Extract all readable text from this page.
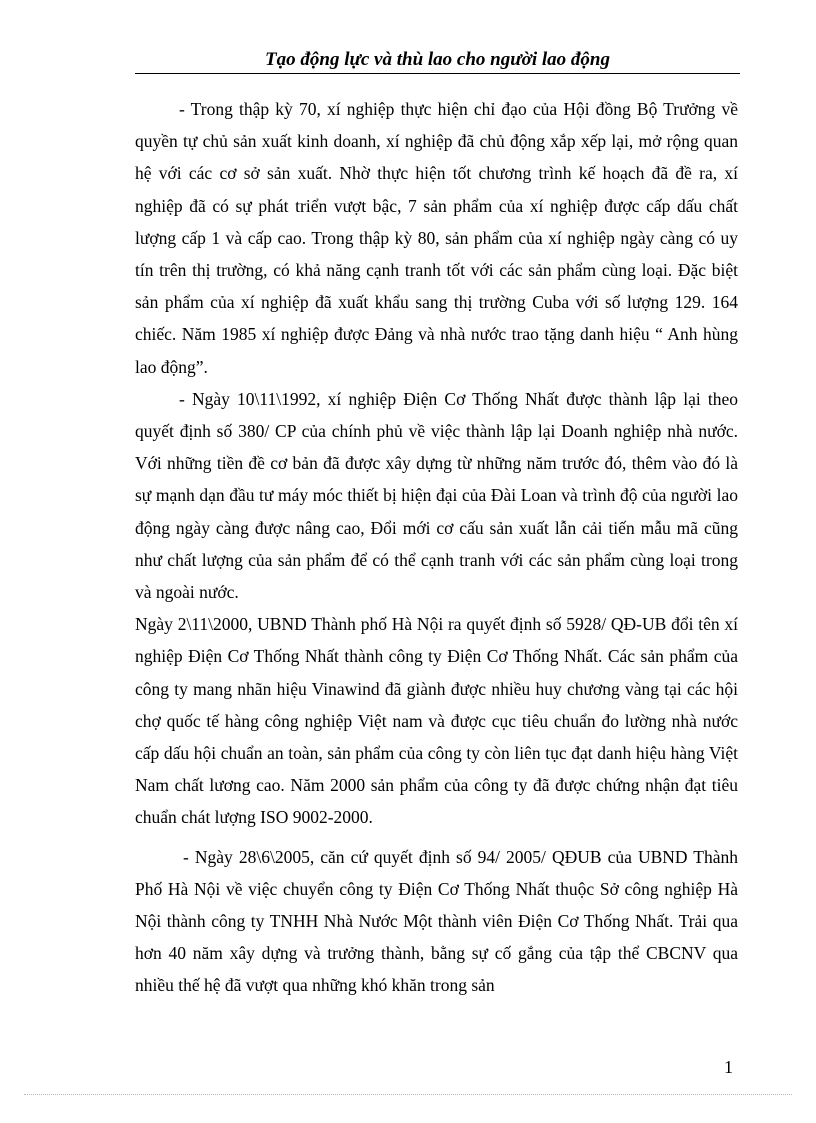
Tạo động lực và thù lao cho người lao động

- Trong thập kỳ 70, xí nghiệp thực hiện chỉ đạo của Hội đồng Bộ Trưởng về quyền tự chủ sản xuất kinh doanh, xí nghiệp đã chủ động xắp xếp lại, mở rộng quan hệ với các cơ sở sản xuất. Nhờ thực hiện tốt chương trình kế hoạch đã đề ra, xí nghiệp đã có sự phát triển vượt bậc, 7 sản phẩm của xí nghiệp được cấp dấu chất lượng cấp 1 và cấp cao. Trong thập kỳ 80, sản phẩm của xí nghiệp ngày càng có uy tín trên thị trường, có khả năng cạnh tranh tốt với các sản phẩm cùng loại. Đặc biệt sản phẩm của xí nghiệp đã xuất khẩu sang thị trường Cuba với số lượng 129. 164 chiếc. Năm 1985 xí nghiệp được Đảng và nhà nước trao tặng danh hiệu “ Anh hùng lao động”.

- Ngày 10\11\1992, xí nghiệp Điện Cơ Thống Nhất được thành lập lại theo quyết định số 380/ CP của chính phủ về việc thành lập lại Doanh nghiệp nhà nước. Với những tiền đề cơ bản đã được xây dựng từ những năm trước đó, thêm vào đó là sự mạnh dạn đầu tư máy móc thiết bị hiện đại của Đài Loan và trình độ của người lao động ngày càng được nâng cao, Đổi mới cơ cấu sản xuất lẫn cải tiến mẫu mã cũng như chất lượng của sản phẩm để có thể cạnh tranh với các sản phẩm cùng loại trong và ngoài nước.

Ngày 2\11\2000, UBND Thành phố Hà Nội ra quyết định số 5928/ QĐ-UB đổi tên xí nghiệp Điện Cơ Thống Nhất thành công ty Điện Cơ Thống Nhất. Các sản phẩm của công ty mang nhãn hiệu Vinawind đã giành được nhiều huy chương vàng tại các hội chợ quốc tế hàng công nghiệp Việt nam và được cục tiêu chuẩn đo lường nhà nước cấp dấu hội chuẩn an toàn, sản phẩm của công ty còn liên tục đạt danh hiệu hàng Việt Nam chất lương cao. Năm 2000 sản phẩm của công ty đã được chứng nhận đạt tiêu chuẩn chát lượng ISO 9002-2000.

- Ngày 28\6\2005, căn cứ quyết định số 94/ 2005/ QĐUB của UBND Thành Phố Hà Nội về việc chuyển công ty Điện Cơ Thống Nhất thuộc Sở công nghiệp Hà Nội thành công ty TNHH Nhà Nước Một thành viên Điện Cơ Thống Nhất. Trải qua hơn 40 năm xây dựng và trưởng thành, bằng sự cố gắng của tập thể CBCNV qua nhiều thế hệ đã vượt qua những khó khăn trong sản

1
